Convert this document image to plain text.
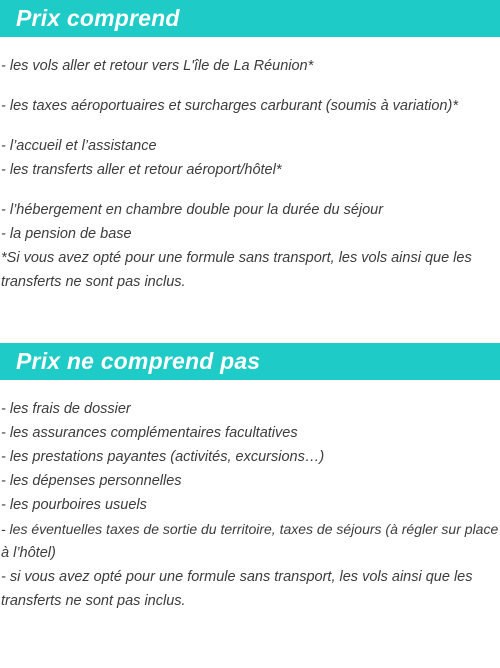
Prix comprend
- les vols aller et retour vers L'île de La Réunion*
- les taxes aéroportuaires et surcharges carburant (soumis à variation)*
- l’accueil et l’assistance
- les transferts aller et retour aéroport/hôtel*
- l’hébergement en chambre double pour la durée du séjour
- la pension de base
*Si vous avez opté pour une formule sans transport, les vols ainsi que les
transferts ne sont pas inclus.
Prix ne comprend pas
- les frais de dossier
- les assurances complémentaires facultatives
- les prestations payantes (activités, excursions…)
- les dépenses personnelles
- les pourboires usuels
- les éventuelles taxes de sortie du territoire, taxes de séjours (à régler sur place
à l’hôtel)
- si vous avez opté pour une formule sans transport, les vols ainsi que les
transferts ne sont pas inclus.
